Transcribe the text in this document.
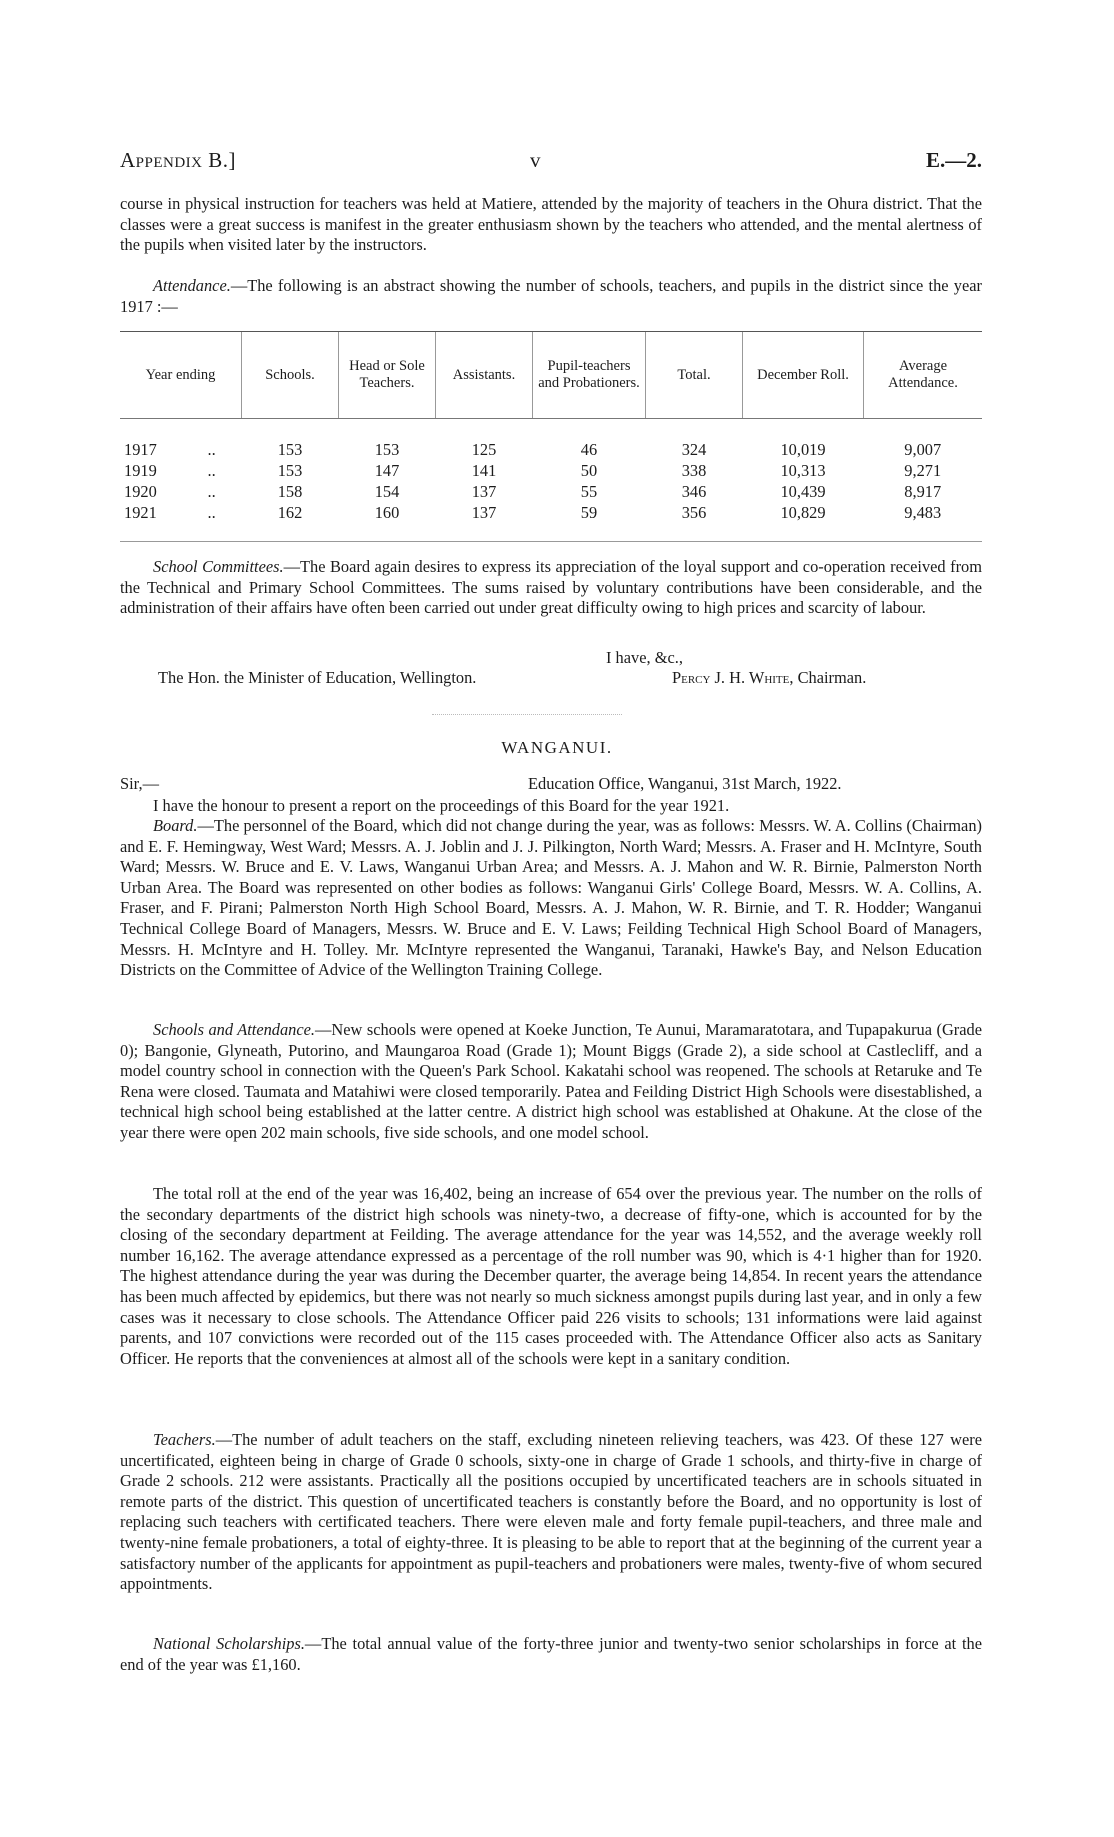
Appendix B.]	v	E.—2.

course in physical instruction for teachers was held at Matiere, attended by the majority of teachers in the Ohura district. That the classes were a great success is manifest in the greater enthusiasm shown by the teachers who attended, and the mental alertness of the pupils when visited later by the instructors.

Attendance.—The following is an abstract showing the number of schools, teachers, and pupils in the district since the year 1917 :—

Year ending		Schools.	Head or Sole Teachers.	Assistants.	Pupil-teachers and Probationers.	Total.	December Roll.	Average Attendance.
1917	..	153	153	125	46	324	10,019	9,007
1919	..	153	147	141	50	338	10,313	9,271
1920	..	158	154	137	55	346	10,439	8,917
1921	..	162	160	137	59	356	10,829	9,483

School Committees.—The Board again desires to express its appreciation of the loyal support and co-operation received from the Technical and Primary School Committees. The sums raised by voluntary contributions have been considerable, and the administration of their affairs have often been carried out under great difficulty owing to high prices and scarcity of labour.

I have, &c.,
The Hon. the Minister of Education, Wellington.	Percy J. H. White, Chairman.
WANGANUI.
Sir,—	Education Office, Wanganui, 31st March, 1922.

I have the honour to present a report on the proceedings of this Board for the year 1921.

Board.—The personnel of the Board, which did not change during the year, was as follows: Messrs. W. A. Collins (Chairman) and E. F. Hemingway, West Ward; Messrs. A. J. Joblin and J. J. Pilkington, North Ward; Messrs. A. Fraser and H. McIntyre, South Ward; Messrs. W. Bruce and E. V. Laws, Wanganui Urban Area; and Messrs. A. J. Mahon and W. R. Birnie, Palmerston North Urban Area. The Board was represented on other bodies as follows: Wanganui Girls' College Board, Messrs. W. A. Collins, A. Fraser, and F. Pirani; Palmerston North High School Board, Messrs. A. J. Mahon, W. R. Birnie, and T. R. Hodder; Wanganui Technical College Board of Managers, Messrs. W. Bruce and E. V. Laws; Feilding Technical High School Board of Managers, Messrs. H. McIntyre and H. Tolley. Mr. McIntyre represented the Wanganui, Taranaki, Hawke's Bay, and Nelson Education Districts on the Committee of Advice of the Wellington Training College.

Schools and Attendance.—New schools were opened at Koeke Junction, Te Aunui, Maramaratotara, and Tupapakurua (Grade 0); Bangonie, Glyneath, Putorino, and Maungaroa Road (Grade 1); Mount Biggs (Grade 2), a side school at Castlecliff, and a model country school in connection with the Queen's Park School. Kakatahi school was reopened. The schools at Retaruke and Te Rena were closed. Taumata and Matahiwi were closed temporarily. Patea and Feilding District High Schools were disestablished, a technical high school being established at the latter centre. A district high school was established at Ohakune. At the close of the year there were open 202 main schools, five side schools, and one model school.

The total roll at the end of the year was 16,402, being an increase of 654 over the previous year. The number on the rolls of the secondary departments of the district high schools was ninety-two, a decrease of fifty-one, which is accounted for by the closing of the secondary department at Feilding. The average attendance for the year was 14,552, and the average weekly roll number 16,162. The average attendance expressed as a percentage of the roll number was 90, which is 4·1 higher than for 1920. The highest attendance during the year was during the December quarter, the average being 14,854. In recent years the attendance has been much affected by epidemics, but there was not nearly so much sickness amongst pupils during last year, and in only a few cases was it necessary to close schools. The Attendance Officer paid 226 visits to schools; 131 informations were laid against parents, and 107 convictions were recorded out of the 115 cases proceeded with. The Attendance Officer also acts as Sanitary Officer. He reports that the conveniences at almost all of the schools were kept in a sanitary condition.

Teachers.—The number of adult teachers on the staff, excluding nineteen relieving teachers, was 423. Of these 127 were uncertificated, eighteen being in charge of Grade 0 schools, sixty-one in charge of Grade 1 schools, and thirty-five in charge of Grade 2 schools. 212 were assistants. Practically all the positions occupied by uncertificated teachers are in schools situated in remote parts of the district. This question of uncertificated teachers is constantly before the Board, and no opportunity is lost of replacing such teachers with certificated teachers. There were eleven male and forty female pupil-teachers, and three male and twenty-nine female probationers, a total of eighty-three. It is pleasing to be able to report that at the beginning of the current year a satisfactory number of the applicants for appointment as pupil-teachers and probationers were males, twenty-five of whom secured appointments.

National Scholarships.—The total annual value of the forty-three junior and twenty-two senior scholarships in force at the end of the year was £1,160.
